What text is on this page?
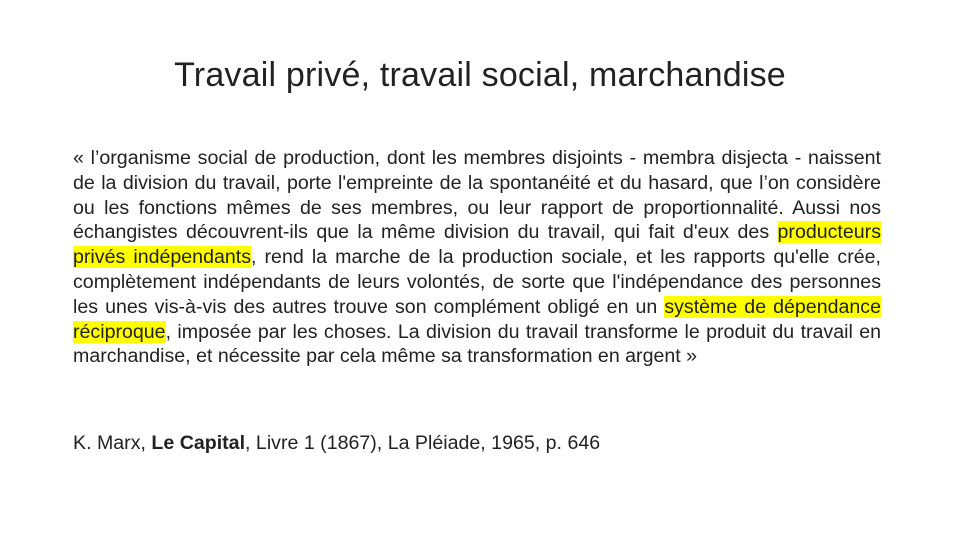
Travail privé, travail social, marchandise

« l’organisme social de production, dont les membres disjoints - membra disjecta - naissent de la division du travail, porte l'empreinte de la spontanéité et du hasard, que l’on considère ou les fonctions mêmes de ses membres, ou leur rapport de proportionnalité. Aussi nos échangistes découvrent-ils que la même division du travail, qui fait d'eux des producteurs privés indépendants, rend la marche de la production sociale, et les rapports qu'elle crée, complètement indépendants de leurs volontés, de sorte que l'indépendance des personnes les unes vis-à-vis des autres trouve son complément obligé en un système de dépendance réciproque, imposée par les choses. La division du travail transforme le produit du travail en marchandise, et nécessite par cela même sa transformation en argent »

K. Marx, Le Capital, Livre 1 (1867), La Pléiade, 1965, p. 646
